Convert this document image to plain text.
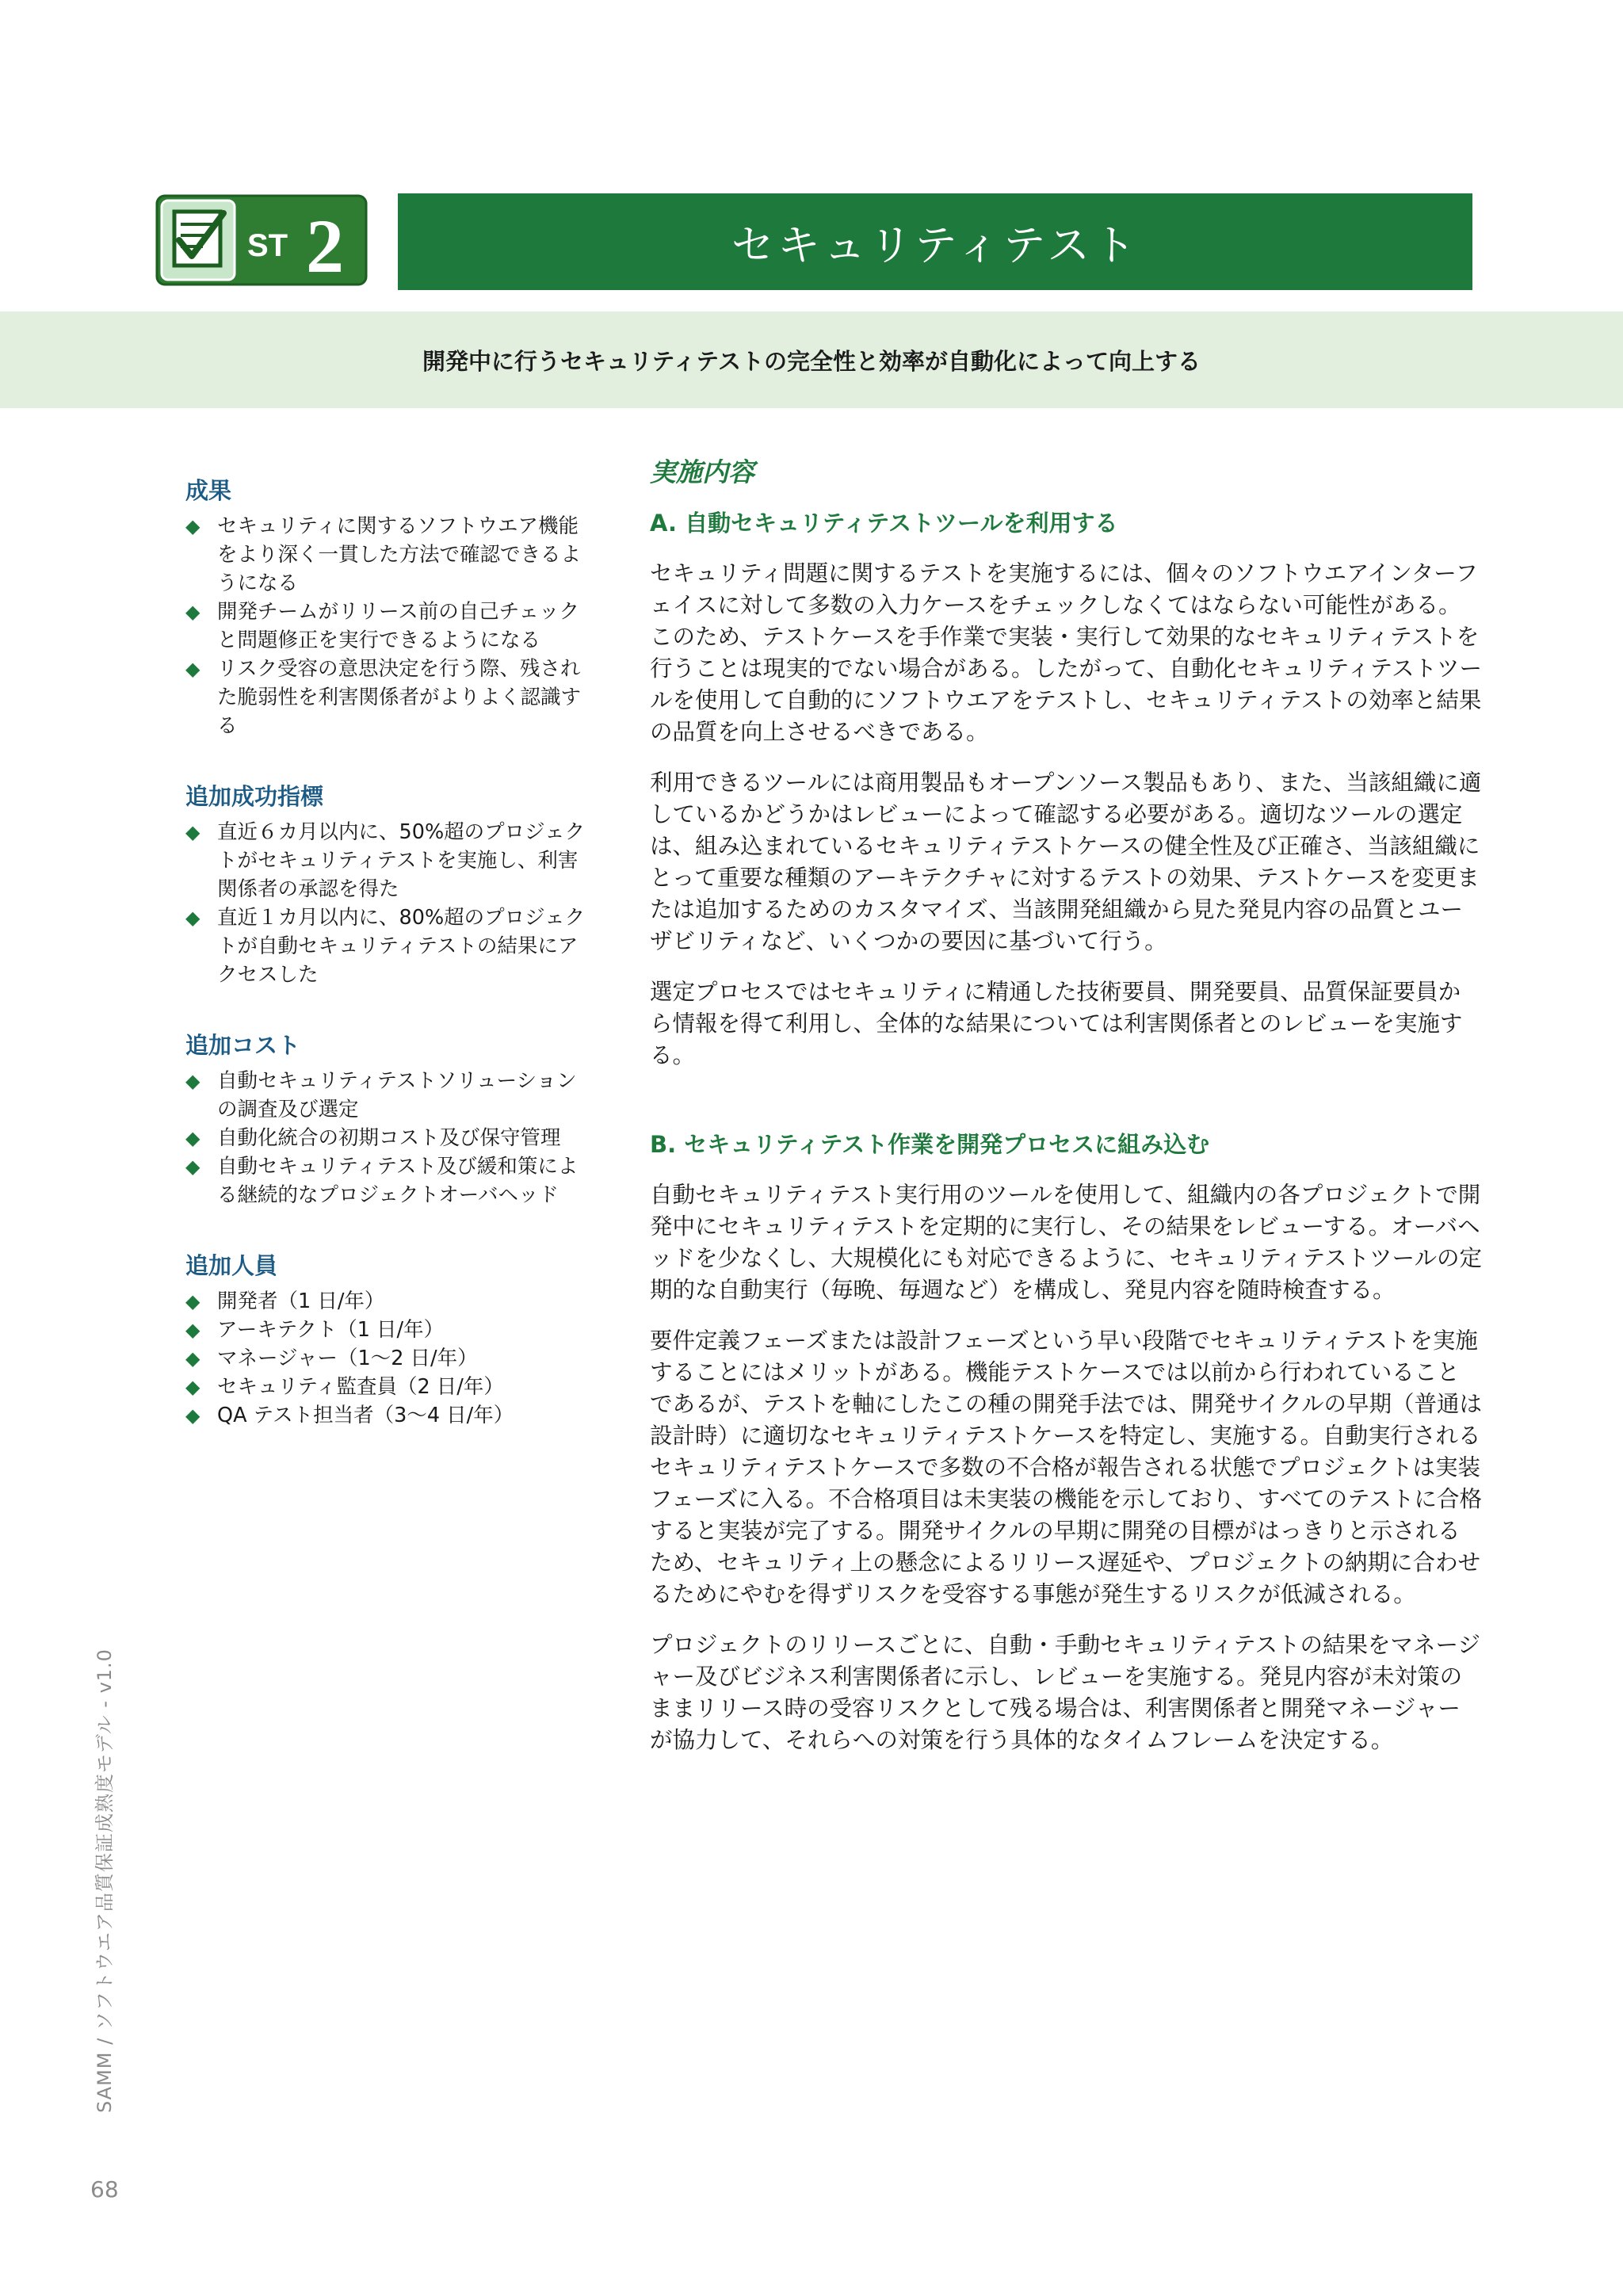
ST 2	セキュリティテスト
開発中に行うセキュリティテストの完全性と効率が自動化によって向上する
成果
◆ セキュリティに関するソフトウエア機能をより深く一貫した方法で確認できるようになる
◆ 開発チームがリリース前の自己チェックと問題修正を実行できるようになる
◆ リスク受容の意思決定を行う際、残された脆弱性を利害関係者がよりよく認識する
追加成功指標
◆ 直近６カ月以内に、50%超のプロジェクトがセキュリティテストを実施し、利害関係者の承認を得た
◆ 直近１カ月以内に、80%超のプロジェクトが自動セキュリティテストの結果にアクセスした
追加コスト
◆ 自動セキュリティテストソリューションの調査及び選定
◆ 自動化統合の初期コスト及び保守管理
◆ 自動セキュリティテスト及び緩和策による継続的なプロジェクトオーバヘッド
追加人員
◆ 開発者（1 日/年）
◆ アーキテクト（1 日/年）
◆ マネージャー（1〜2 日/年）
◆ セキュリティ監査員（2 日/年）
◆ QA テスト担当者（3〜4 日/年）
実施内容
A. 自動セキュリティテストツールを利用する

セキュリティ問題に関するテストを実施するには、個々のソフトウエアインターフェイスに対して多数の入力ケースをチェックしなくてはならない可能性がある。このため、テストケースを手作業で実装・実行して効果的なセキュリティテストを行うことは現実的でない場合がある。したがって、自動化セキュリティテストツールを使用して自動的にソフトウエアをテストし、セキュリティテストの効率と結果の品質を向上させるべきである。

利用できるツールには商用製品もオープンソース製品もあり、また、当該組織に適しているかどうかはレビューによって確認する必要がある。適切なツールの選定は、組み込まれているセキュリティテストケースの健全性及び正確さ、当該組織にとって重要な種類のアーキテクチャに対するテストの効果、テストケースを変更または追加するためのカスタマイズ、当該開発組織から見た発見内容の品質とユーザビリティなど、いくつかの要因に基づいて行う。

選定プロセスではセキュリティに精通した技術要員、開発要員、品質保証要員から情報を得て利用し、全体的な結果については利害関係者とのレビューを実施する。

B. セキュリティテスト作業を開発プロセスに組み込む

自動セキュリティテスト実行用のツールを使用して、組織内の各プロジェクトで開発中にセキュリティテストを定期的に実行し、その結果をレビューする。オーバヘッドを少なくし、大規模化にも対応できるように、セキュリティテストツールの定期的な自動実行（毎晩、毎週など）を構成し、発見内容を随時検査する。

要件定義フェーズまたは設計フェーズという早い段階でセキュリティテストを実施することにはメリットがある。機能テストケースでは以前から行われていることであるが、テストを軸にしたこの種の開発手法では、開発サイクルの早期（普通は設計時）に適切なセキュリティテストケースを特定し、実施する。自動実行されるセキュリティテストケースで多数の不合格が報告される状態でプロジェクトは実装フェーズに入る。不合格項目は未実装の機能を示しており、すべてのテストに合格すると実装が完了する。開発サイクルの早期に開発の目標がはっきりと示されるため、セキュリティ上の懸念によるリリース遅延や、プロジェクトの納期に合わせるためにやむを得ずリスクを受容する事態が発生するリスクが低減される。

プロジェクトのリリースごとに、自動・手動セキュリティテストの結果をマネージャー及びビジネス利害関係者に示し、レビューを実施する。発見内容が未対策のままリリース時の受容リスクとして残る場合は、利害関係者と開発マネージャーが協力して、それらへの対策を行う具体的なタイムフレームを決定する。

SAMM / ソフトウエア品質保証成熟度モデル - v1.0
68
